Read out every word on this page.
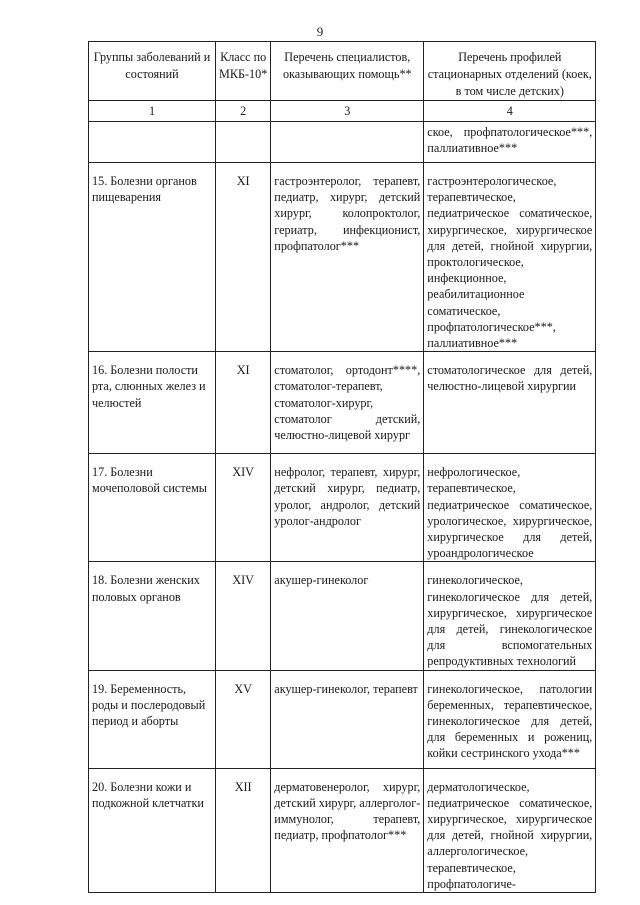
9
Группы заболеваний и состояний	Класс по МКБ-10*	Перечень специалистов, оказывающих помощь**	Перечень профилей стационарных отделений (коек, в том числе детских)
1	2	3	4
			ское, профпатологическое***, паллиативное***
15. Болезни органов пищеварения	XI	гастроэнтеролог, терапевт, педиатр, хирург, детский хирург, колопроктолог, гериатр, инфекционист, профпатолог***	гастроэнтерологическое, терапевтическое, педиатрическое соматическое, хирургическое, хирургическое для детей, гнойной хирургии, проктологическое, инфекционное, реабилитационное соматическое, профпатологическое***, паллиативное***
16. Болезни полости рта, слюнных желез и челюстей	XI	стоматолог, ортодонт****, стоматолог-терапевт, стоматолог-хирург, стоматолог детский, челюстно-лицевой хирург	стоматологическое для детей, челюстно-лицевой хирургии
17. Болезни мочеполовой системы	XIV	нефролог, терапевт, хирург, детский хирург, педиатр, уролог, андролог, детский уролог-андролог	нефрологическое, терапевтическое, педиатрическое соматическое, урологическое, хирургическое, хирургическое для детей, уроандрологическое
18. Болезни женских половых органов	XIV	акушер-гинеколог	гинекологическое, гинекологическое для детей, хирургическое, хирургическое для детей, гинекологическое для вспомогательных репродуктивных технологий
19. Беременность, роды и послеродовый период и аборты	XV	акушер-гинеколог, терапевт	гинекологическое, патологии беременных, терапевтическое, гинекологическое для детей, для беременных и рожениц, койки сестринского ухода***
20. Болезни кожи и подкожной клетчатки	XII	дерматовенеролог, хирург, детский хирург, аллерголог-иммунолог, терапевт, педиатр, профпатолог***	дерматологическое, педиатрическое соматическое, хирургическое, хирургическое для детей, гнойной хирургии, аллергологическое, терапевтическое, профпатологиче-
